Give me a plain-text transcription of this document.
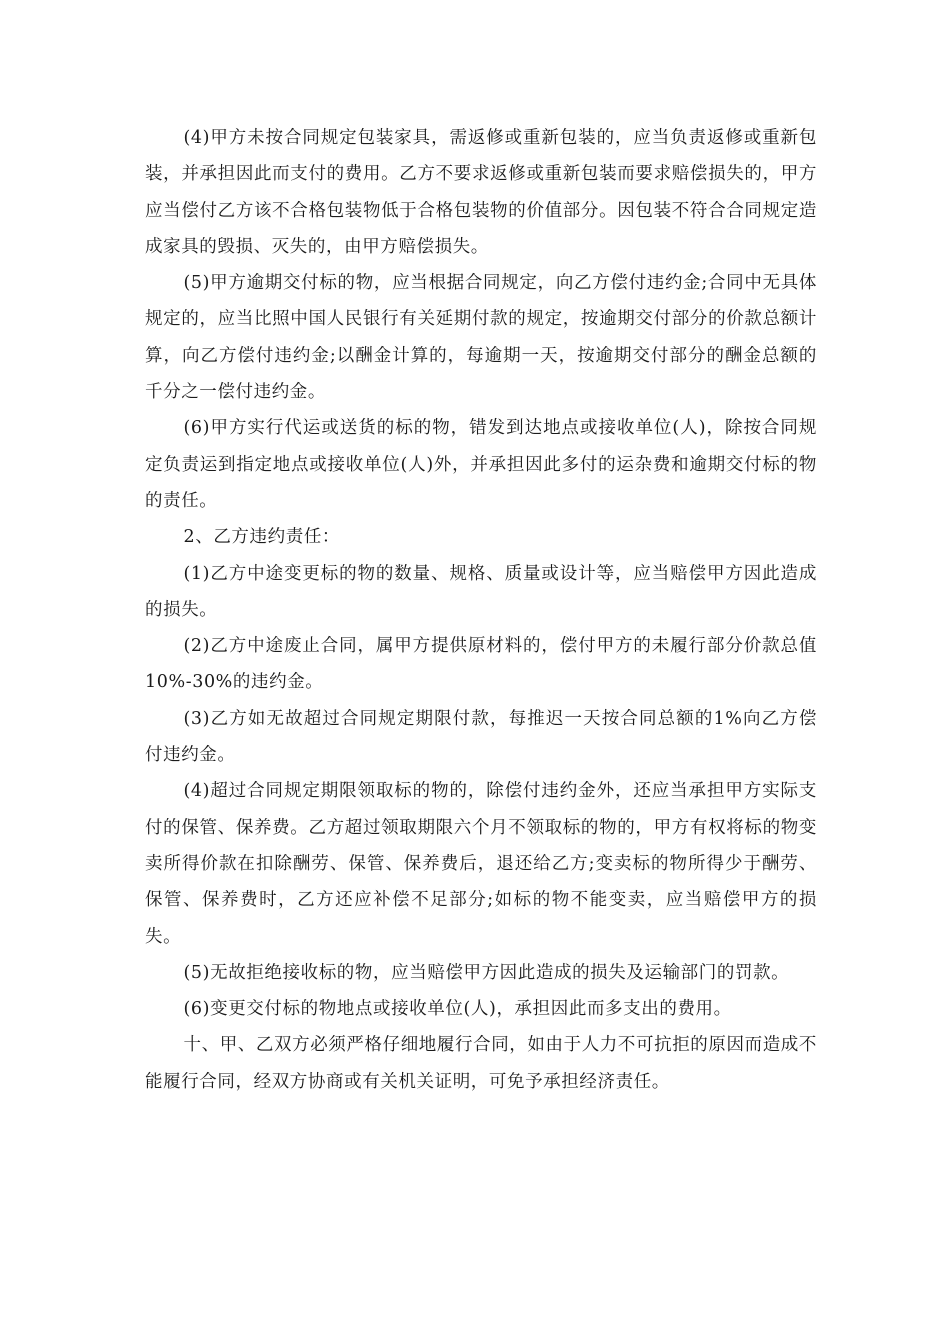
(4)甲方未按合同规定包装家具，需返修或重新包装的，应当负责返修或重新包装，并承担因此而支付的费用。乙方不要求返修或重新包装而要求赔偿损失的，甲方应当偿付乙方该不合格包装物低于合格包装物的价值部分。因包装不符合合同规定造成家具的毁损、灭失的，由甲方赔偿损失。

(5)甲方逾期交付标的物，应当根据合同规定，向乙方偿付违约金;合同中无具体规定的，应当比照中国人民银行有关延期付款的规定，按逾期交付部分的价款总额计算，向乙方偿付违约金;以酬金计算的，每逾期一天，按逾期交付部分的酬金总额的千分之一偿付违约金。

(6)甲方实行代运或送货的标的物，错发到达地点或接收单位(人)，除按合同规定负责运到指定地点或接收单位(人)外，并承担因此多付的运杂费和逾期交付标的物的责任。

2、乙方违约责任：

(1)乙方中途变更标的物的数量、规格、质量或设计等，应当赔偿甲方因此造成的损失。

(2)乙方中途废止合同，属甲方提供原材料的，偿付甲方的未履行部分价款总值10%-30%的违约金。

(3)乙方如无故超过合同规定期限付款，每推迟一天按合同总额的1%向乙方偿付违约金。

(4)超过合同规定期限领取标的物的，除偿付违约金外，还应当承担甲方实际支付的保管、保养费。乙方超过领取期限六个月不领取标的物的，甲方有权将标的物变卖所得价款在扣除酬劳、保管、保养费后，退还给乙方;变卖标的物所得少于酬劳、保管、保养费时，乙方还应补偿不足部分;如标的物不能变卖，应当赔偿甲方的损失。

(5)无故拒绝接收标的物，应当赔偿甲方因此造成的损失及运输部门的罚款。

(6)变更交付标的物地点或接收单位(人)，承担因此而多支出的费用。

十、甲、乙双方必须严格仔细地履行合同，如由于人力不可抗拒的原因而造成不能履行合同，经双方协商或有关机关证明，可免予承担经济责任。
